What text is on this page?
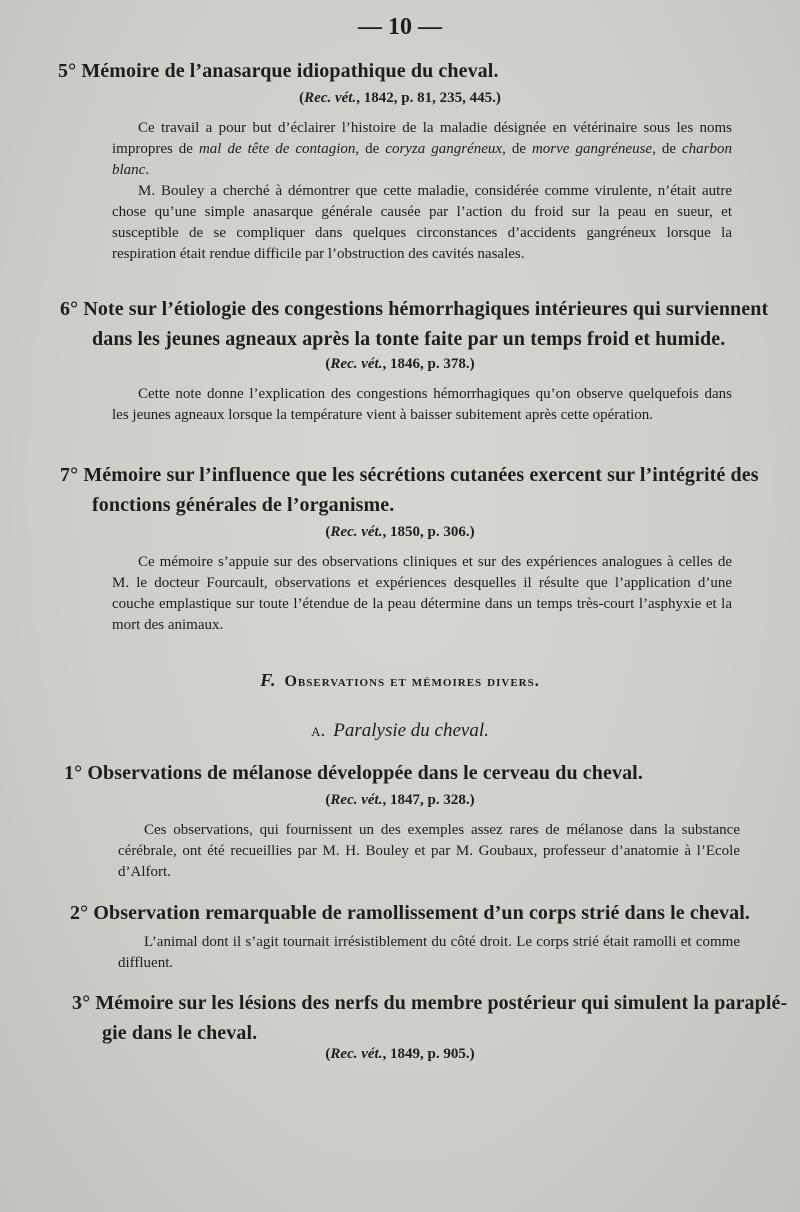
— 10 —
5° Mémoire de l’anasarque idiopathique du cheval.
(Rec. vét., 1842, p. 81, 235, 445.)

Ce travail a pour but d’éclairer l’histoire de la maladie désignée en vétérinaire sous les noms impropres de mal de tête de contagion, de coryza gangréneux, de morve gangréneuse, de charbon blanc.

M. Bouley a cherché à démontrer que cette maladie, considérée comme virulente, n’était autre chose qu’une simple anasarque générale causée par l’action du froid sur la peau en sueur, et susceptible de se compliquer dans quelques circonstances d’accidents gangréneux lorsque la respiration était rendue difficile par l’obstruction des cavités nasales.

6° Note sur l’étiologie des congestions hémorrhagiques intérieures qui surviennent
dans les jeunes agneaux après la tonte faite par un temps froid et humide.
(Rec. vét., 1846, p. 378.)

Cette note donne l’explication des congestions hémorrhagiques qu’on observe quelquefois dans les jeunes agneaux lorsque la température vient à baisser subitement après cette opération.

7° Mémoire sur l’influence que les sécrétions cutanées exercent sur l’intégrité des
fonctions générales de l’organisme.
(Rec. vét., 1850, p. 306.)

Ce mémoire s’appuie sur des observations cliniques et sur des expériences analogues à celles de M. le docteur Fourcault, observations et expériences desquelles il résulte que l’application d’une couche emplastique sur toute l’étendue de la peau détermine dans un temps très-court l’asphyxie et la mort des animaux.

F. Observations et mémoires divers.
a. Paralysie du cheval.
1° Observations de mélanose développée dans le cerveau du cheval.
(Rec. vét., 1847, p. 328.)

Ces observations, qui fournissent un des exemples assez rares de mélanose dans la substance cérébrale, ont été recueillies par M. H. Bouley et par M. Goubaux, professeur d’anatomie à l’Ecole d’Alfort.

2° Observation remarquable de ramollissement d’un corps strié dans le cheval.

L’animal dont il s’agit tournait irrésistiblement du côté droit. Le corps strié était ramolli et comme diffluent.

3° Mémoire sur les lésions des nerfs du membre postérieur qui simulent la paraplé-
gie dans le cheval.
(Rec. vét., 1849, p. 905.)
